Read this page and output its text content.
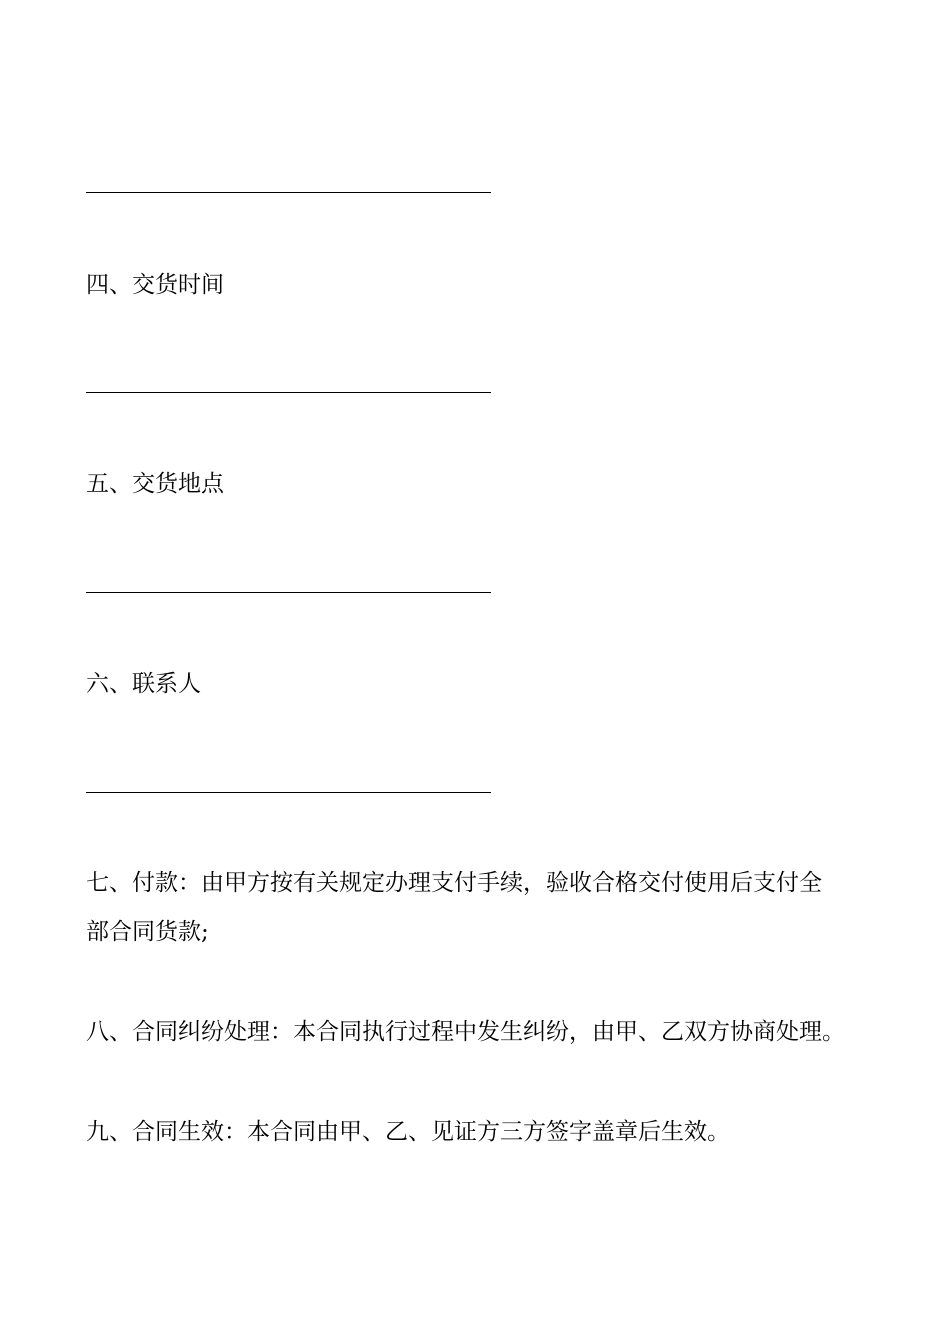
四、交货时间
五、交货地点
六、联系人
七、付款：由甲方按有关规定办理支付手续，验收合格交付使用后支付全
部合同货款;
八、合同纠纷处理：本合同执行过程中发生纠纷，由甲、乙双方协商处理。
九、合同生效：本合同由甲、乙、见证方三方签字盖章后生效。
